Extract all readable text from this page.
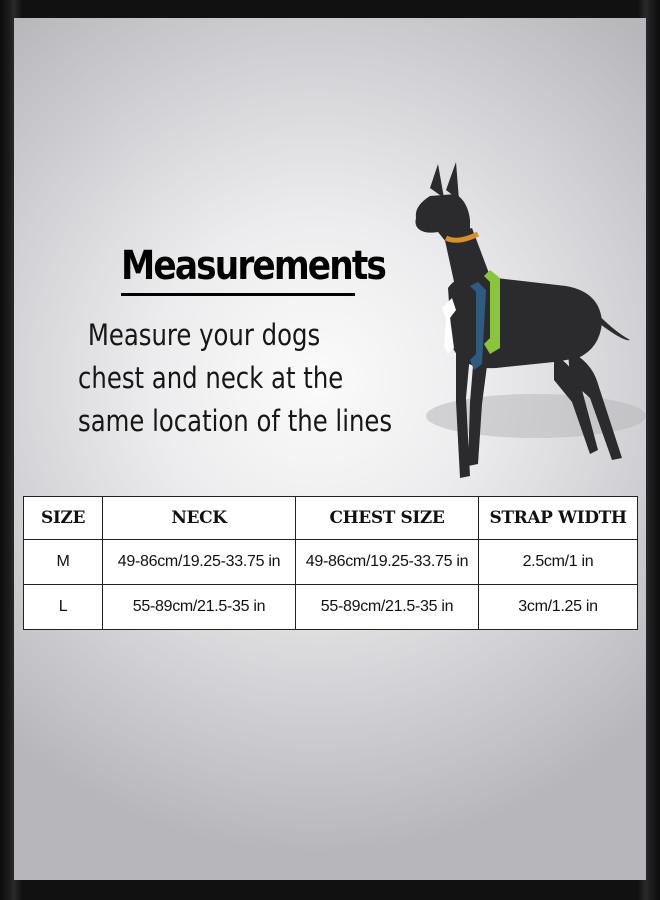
Measurements
Measure your dogs
chest and neck at the
same location of the lines
SIZE	NECK	CHEST SIZE	STRAP WIDTH
M	49-86cm/19.25-33.75 in	49-86cm/19.25-33.75 in	2.5cm/1 in
L	55-89cm/21.5-35 in	55-89cm/21.5-35 in	3cm/1.25 in
